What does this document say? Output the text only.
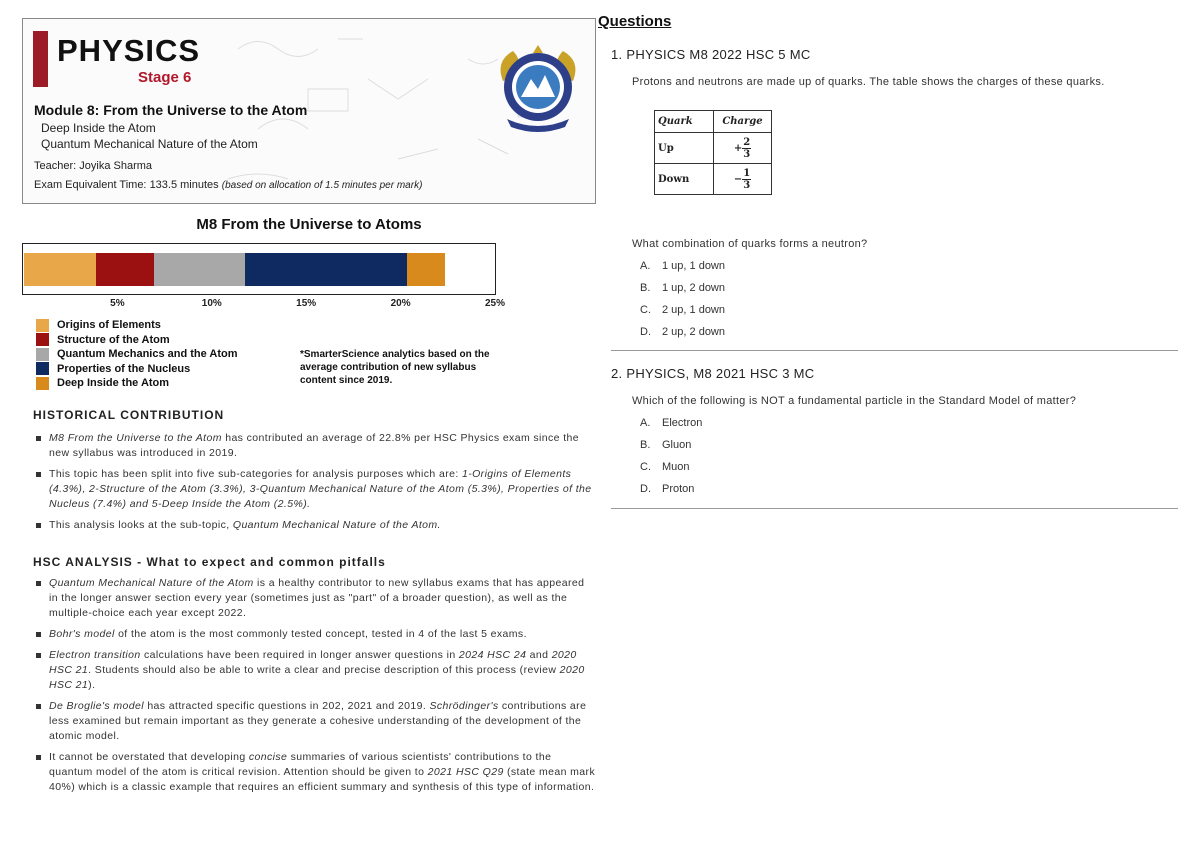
PHYSICS
Stage 6
Module 8: From the Universe to the Atom
Deep Inside the Atom
Quantum Mechanical Nature of the Atom
Teacher: Joyika Sharma
Exam Equivalent Time: 133.5 minutes (based on allocation of 1.5 minutes per mark)
M8 From the Universe to Atoms
5%	10%	15%	20%	25%
Origins of Elements
Structure of the Atom
Quantum Mechanics and the Atom
Properties of the Nucleus
Deep Inside the Atom
*SmarterScience analytics based on the average contribution of new syllabus content since 2019.
HISTORICAL CONTRIBUTION
M8 From the Universe to the Atom has contributed an average of 22.8% per HSC Physics exam since the new syllabus was introduced in 2019.
This topic has been split into five sub-categories for analysis purposes which are: 1-Origins of Elements (4.3%), 2-Structure of the Atom (3.3%), 3-Quantum Mechanical Nature of the Atom (5.3%), Properties of the Nucleus (7.4%) and 5-Deep Inside the Atom (2.5%).
This analysis looks at the sub-topic, Quantum Mechanical Nature of the Atom.
HSC ANALYSIS - What to expect and common pitfalls
Quantum Mechanical Nature of the Atom is a healthy contributor to new syllabus exams that has appeared in the longer answer section every year (sometimes just as "part" of a broader question), as well as the multiple-choice each year except 2022.
Bohr's model of the atom is the most commonly tested concept, tested in 4 of the last 5 exams.
Electron transition calculations have been required in longer answer questions in 2024 HSC 24 and 2020 HSC 21. Students should also be able to write a clear and precise description of this process (review 2020 HSC 21).
De Broglie's model has attracted specific questions in 202, 2021 and 2019. Schrödinger's contributions are less examined but remain important as they generate a cohesive understanding of the development of the atomic model.
It cannot be overstated that developing concise summaries of various scientists' contributions to the quantum model of the atom is critical revision. Attention should be given to 2021 HSC Q29 (state mean mark 40%) which is a classic example that requires an efficient summary and synthesis of this type of information.
Questions
1. PHYSICS M8 2022 HSC 5 MC
Protons and neutrons are made up of quarks. The table shows the charges of these quarks.
Quark	Charge
Up	+ $\frac{2}{3}$

Down	− $\frac{1}{3}$
What combination of quarks forms a neutron?
A.	1 up, 1 down
B.	1 up, 2 down
C.	2 up, 1 down
D.	2 up, 2 down
2. PHYSICS, M8 2021 HSC 3 MC
Which of the following is NOT a fundamental particle in the Standard Model of matter?
A.	Electron
B.	Gluon
C.	Muon
D.	Proton
